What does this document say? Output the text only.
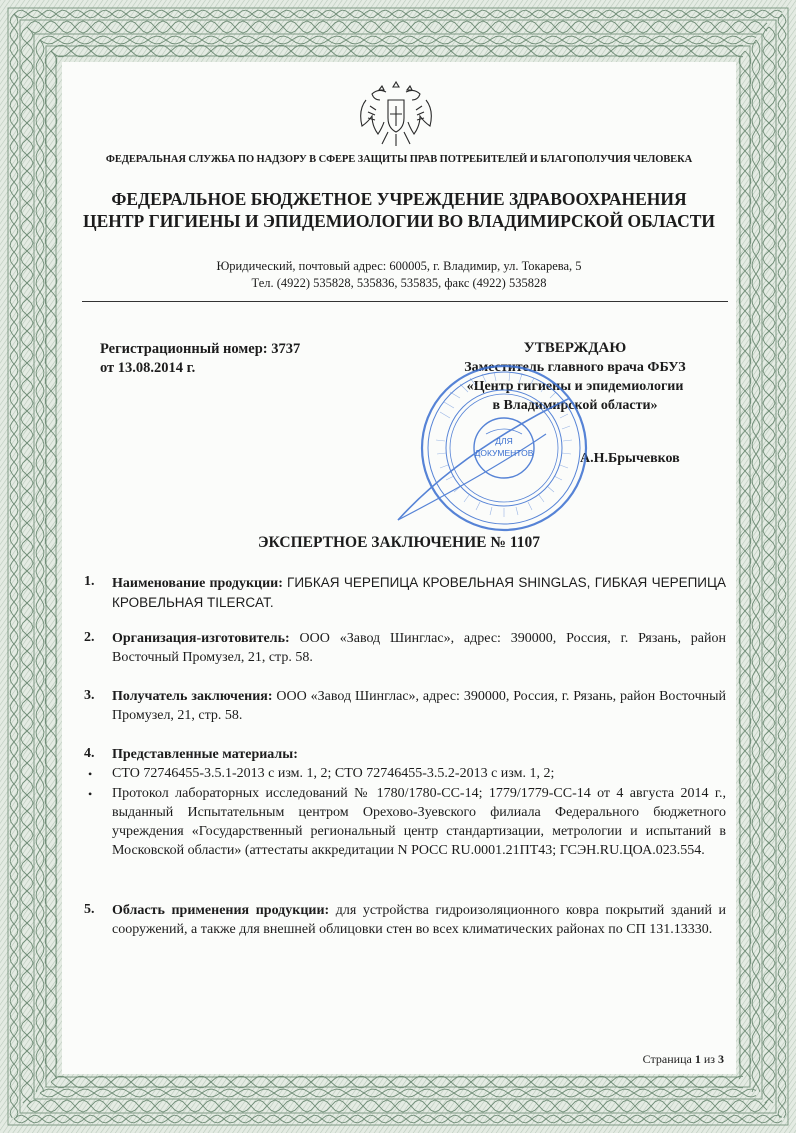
ФЕДЕРАЛЬНАЯ СЛУЖБА ПО НАДЗОРУ В СФЕРЕ ЗАЩИТЫ ПРАВ ПОТРЕБИТЕЛЕЙ И БЛАГОПОЛУЧИЯ ЧЕЛОВЕКА
ФЕДЕРАЛЬНОЕ БЮДЖЕТНОЕ УЧРЕЖДЕНИЕ ЗДРАВООХРАНЕНИЯ
ЦЕНТР ГИГИЕНЫ И ЭПИДЕМИОЛОГИИ ВО ВЛАДИМИРСКОЙ ОБЛАСТИ
Юридический, почтовый адрес: 600005, г. Владимир, ул. Токарева, 5
Тел. (4922) 535828, 535836, 535835, факс (4922) 535828
Регистрационный номер: 3737
от 13.08.2014 г.
УТВЕРЖДАЮ
Заместитель главного врача ФБУЗ
«Центр гигиены и эпидемиологии
в Владимирской области»
А.Н.Брычевков
ДЛЯ
ДОКУМЕНТОВ
ЭКСПЕРТНОЕ ЗАКЛЮЧЕНИЕ № 1107
1. Наименование продукции: ГИБКАЯ ЧЕРЕПИЦА КРОВЕЛЬНАЯ SHINGLAS, ГИБКАЯ ЧЕРЕПИЦА КРОВЕЛЬНАЯ TILERCAT.
2. Организация-изготовитель: ООО «Завод Шинглас», адрес: 390000, Россия, г. Рязань, район Восточный Промузел, 21, стр. 58.
3. Получатель заключения: ООО «Завод Шинглас», адрес: 390000, Россия, г. Рязань, район Восточный Промузел, 21, стр. 58.
4. Представленные материалы:
• СТО 72746455-3.5.1-2013 с изм. 1, 2; СТО 72746455-3.5.2-2013 с изм. 1, 2;
• Протокол лабораторных исследований № 1780/1780-СС-14; 1779/1779-СС-14 от 4 августа 2014 г., выданный Испытательным центром Орехово-Зуевского филиала Федерального бюджетного учреждения «Государственный региональный центр стандартизации, метрологии и испытаний в Московской области» (аттестаты аккредитации N POCC RU.0001.21ПТ43; ГСЭН.RU.ЦОА.023.554.
5. Область применения продукции: для устройства гидроизоляционного ковра покрытий зданий и сооружений, а также для внешней облицовки стен во всех климатических районах по СП 131.13330.
Страница 1 из 3
